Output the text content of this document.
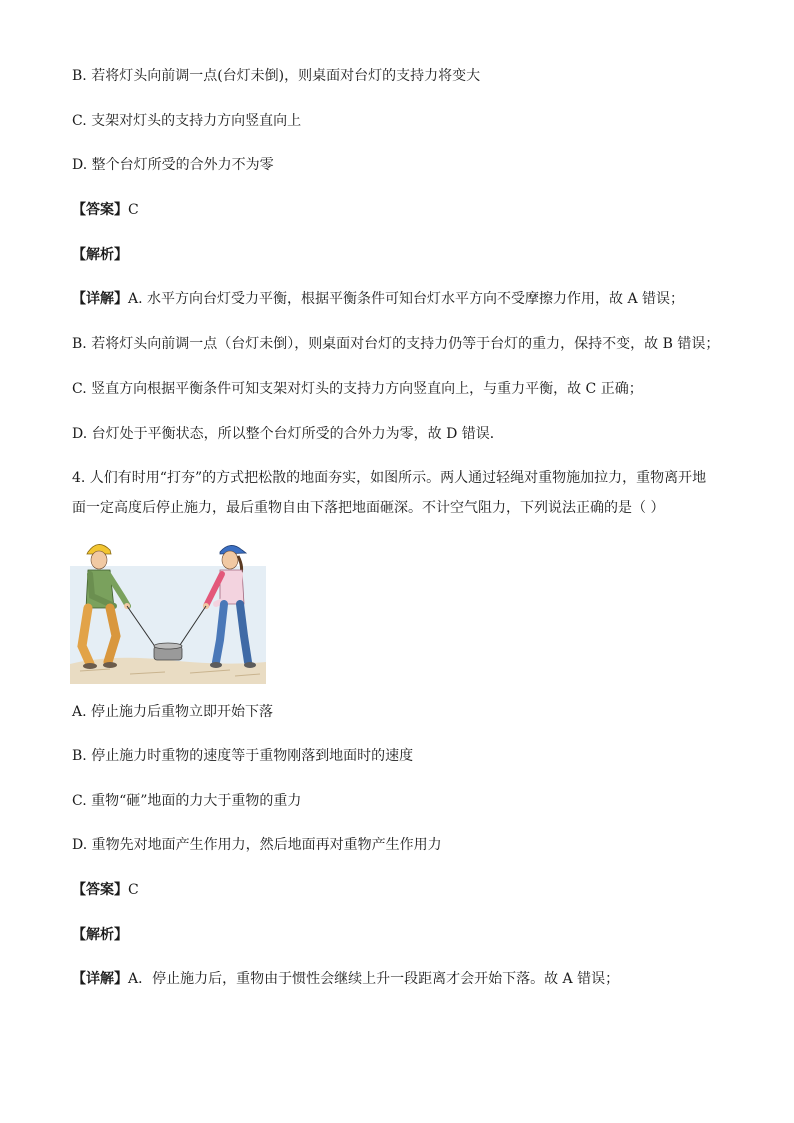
B. 若将灯头向前调一点(台灯未倒)，则桌面对台灯的支持力将变大
C. 支架对灯头的支持力方向竖直向上
D. 整个台灯所受的合外力不为零
【答案】C
【解析】
【详解】A. 水平方向台灯受力平衡，根据平衡条件可知台灯水平方向不受摩擦力作用，故 A 错误；
B. 若将灯头向前调一点（台灯未倒），则桌面对台灯的支持力仍等于台灯的重力，保持不变，故 B 错误；
C. 竖直方向根据平衡条件可知支架对灯头的支持力方向竖直向上，与重力平衡，故 C 正确；
D. 台灯处于平衡状态，所以整个台灯所受的合外力为零，故 D 错误．
4. 人们有时用“打夯”的方式把松散的地面夯实，如图所示。两人通过轻绳对重物施加拉力，重物离开地
面一定高度后停止施力，最后重物自由下落把地面砸深。不计空气阻力，下列说法正确的是（ ）
A. 停止施力后重物立即开始下落
B. 停止施力时重物的速度等于重物刚落到地面时的速度
C. 重物“砸”地面的力大于重物的重力
D. 重物先对地面产生作用力，然后地面再对重物产生作用力
【答案】C
【解析】
【详解】A．停止施力后，重物由于惯性会继续上升一段距离才会开始下落。故 A 错误；
